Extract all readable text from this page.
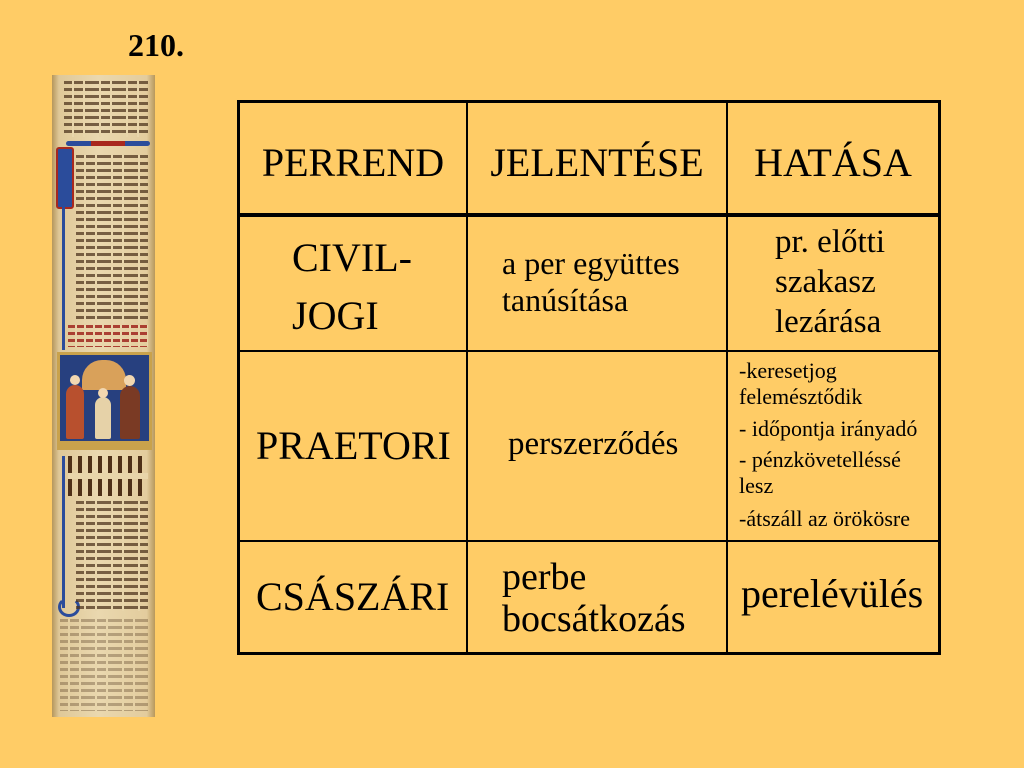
210.
PERREND	JELENTÉSE	HATÁSA
CIVIL-
JOGI
a per együttes
tanúsítása
pr. előtti
szakasz
lezárása
PRAETORI perszerződés
-keresetjog
felemésztődik
- időpontja irányadó
- pénzkövetelléssé
lesz
-átszáll az örökösre
CSÁSZÁRI perbe
bocsátkozás
perelévülés
